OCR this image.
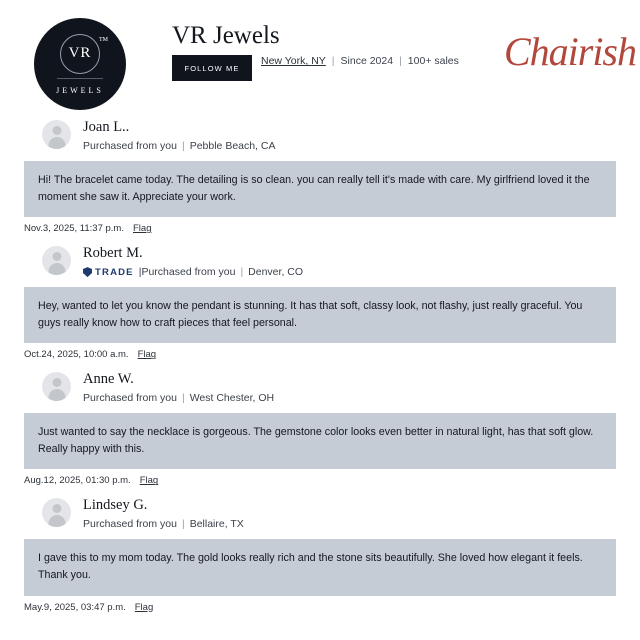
VR
TM
JEWELS
VR Jewels
FOLLOW ME
New York, NY | Since 2024 | 100+ sales Chairish
Joan L..
Purchased from you | Pebble Beach, CA
Hi! The bracelet came today. The detailing is so clean. you can really tell it's made with care. My girlfriend loved it the moment she saw it. Appreciate your work.
Nov.3, 2025, 11:37 p.m. Flag
Robert M.
TRADE |Purchased from you | Denver, CO
Hey, wanted to let you know the pendant is stunning. It has that soft, classy look, not flashy, just really graceful. You guys really know how to craft pieces that feel personal.
Oct.24, 2025, 10:00 a.m. Flag
Anne W.
Purchased from you | West Chester, OH
Just wanted to say the necklace is gorgeous. The gemstone color looks even better in natural light, has that soft glow. Really happy with this.
Aug.12, 2025, 01:30 p.m. Flag
Lindsey G.
Purchased from you | Bellaire, TX
I gave this to my mom today. The gold looks really rich and the stone sits beautifully. She loved how elegant it feels. Thank you.
May.9, 2025, 03:47 p.m. Flag
